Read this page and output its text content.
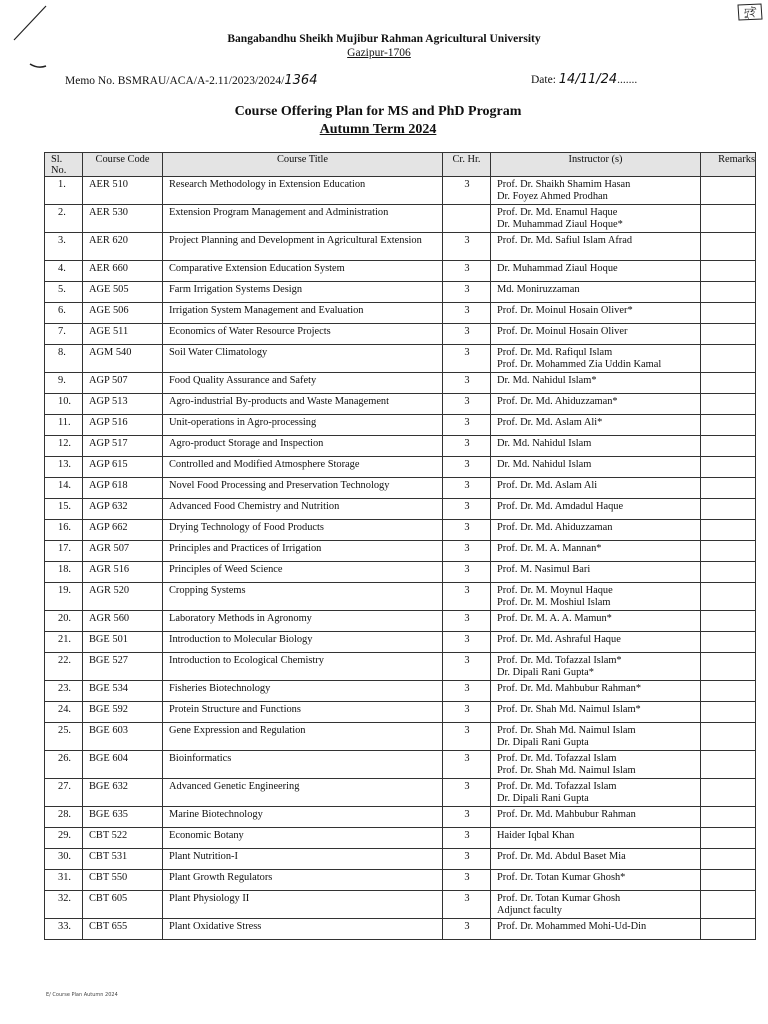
দুই
Bangabandhu Sheikh Mujibur Rahman Agricultural University
Gazipur-1706
Memo No. BSMRAU/ACA/A-2.11/2023/2024/1364	Date: 14/11/24.......
Course Offering Plan for MS and PhD Program
Autumn Term 2024
Sl. No.	Course Code	Course Title	Cr. Hr.	Instructor (s)	Remarks
1.	AER 510	Research Methodology in Extension Education	3	Prof. Dr. Shaikh Shamim Hasan
Dr. Foyez Ahmed Prodhan	

2.	AER 530	Extension Program Management and Administration		Prof. Dr. Md. Enamul Haque
Dr. Muhammad Ziaul Hoque*	

3.	AER 620	Project Planning and Development in Agricultural Extension	3	Prof. Dr. Md. Safiul Islam Afrad	

4.	AER 660	Comparative Extension Education System	3	Dr. Muhammad Ziaul Hoque	

5.	AGE 505	Farm Irrigation Systems Design	3	Md. Moniruzzaman	

6.	AGE 506	Irrigation System Management and Evaluation	3	Prof. Dr. Moinul Hosain Oliver*	

7.	AGE 511	Economics of Water Resource Projects	3	Prof. Dr. Moinul Hosain Oliver	

8.	AGM 540	Soil Water Climatology	3	Prof. Dr. Md. Rafiqul Islam
Prof. Dr. Mohammed Zia Uddin Kamal	

9.	AGP 507	Food Quality Assurance and Safety	3	Dr. Md. Nahidul Islam*	

10.	AGP 513	Agro-industrial By-products and Waste Management	3	Prof. Dr. Md. Ahiduzzaman*	

11.	AGP 516	Unit-operations in Agro-processing	3	Prof. Dr. Md. Aslam Ali*	

12.	AGP 517	Agro-product Storage and Inspection	3	Dr. Md. Nahidul Islam	

13.	AGP 615	Controlled and Modified Atmosphere Storage	3	Dr. Md. Nahidul Islam	

14.	AGP 618	Novel Food Processing and Preservation Technology	3	Prof. Dr. Md. Aslam Ali	

15.	AGP 632	Advanced Food Chemistry and Nutrition	3	Prof. Dr. Md. Amdadul Haque	

16.	AGP 662	Drying Technology of Food Products	3	Prof. Dr. Md. Ahiduzzaman	

17.	AGR 507	Principles and Practices of Irrigation	3	Prof. Dr. M. A. Mannan*	

18.	AGR 516	Principles of Weed Science	3	Prof. M. Nasimul Bari	

19.	AGR 520	Cropping Systems	3	Prof. Dr. M. Moynul Haque
Prof. Dr. M. Moshiul Islam	

20.	AGR 560	Laboratory Methods in Agronomy	3	Prof. Dr. M. A. A. Mamun*	

21.	BGE 501	Introduction to Molecular Biology	3	Prof. Dr. Md. Ashraful Haque	

22.	BGE 527	Introduction to Ecological Chemistry	3	Prof. Dr. Md. Tofazzal Islam*
Dr. Dipali Rani Gupta*	

23.	BGE 534	Fisheries Biotechnology	3	Prof. Dr. Md. Mahbubur Rahman*	

24.	BGE 592	Protein Structure and Functions	3	Prof. Dr. Shah Md. Naimul Islam*	

25.	BGE 603	Gene Expression and Regulation	3	Prof. Dr. Shah Md. Naimul Islam
Dr. Dipali Rani Gupta	

26.	BGE 604	Bioinformatics	3	Prof. Dr. Md. Tofazzal Islam
Prof. Dr. Shah Md. Naimul Islam	

27.	BGE 632	Advanced Genetic Engineering	3	Prof. Dr. Md. Tofazzal Islam
Dr. Dipali Rani Gupta	

28.	BGE 635	Marine Biotechnology	3	Prof. Dr. Md. Mahbubur Rahman	

29.	CBT 522	Economic Botany	3	Haider Iqbal Khan	

30.	CBT 531	Plant Nutrition-I	3	Prof. Dr. Md. Abdul Baset Mia	

31.	CBT 550	Plant Growth Regulators	3	Prof. Dr. Totan Kumar Ghosh*	

32.	CBT 605	Plant Physiology II	3	Prof. Dr. Totan Kumar Ghosh
Adjunct faculty	

33.	CBT 655	Plant Oxidative Stress	3	Prof. Dr. Mohammed Mohi-Ud-Din	

E/ Course Plan Autumn 2024
